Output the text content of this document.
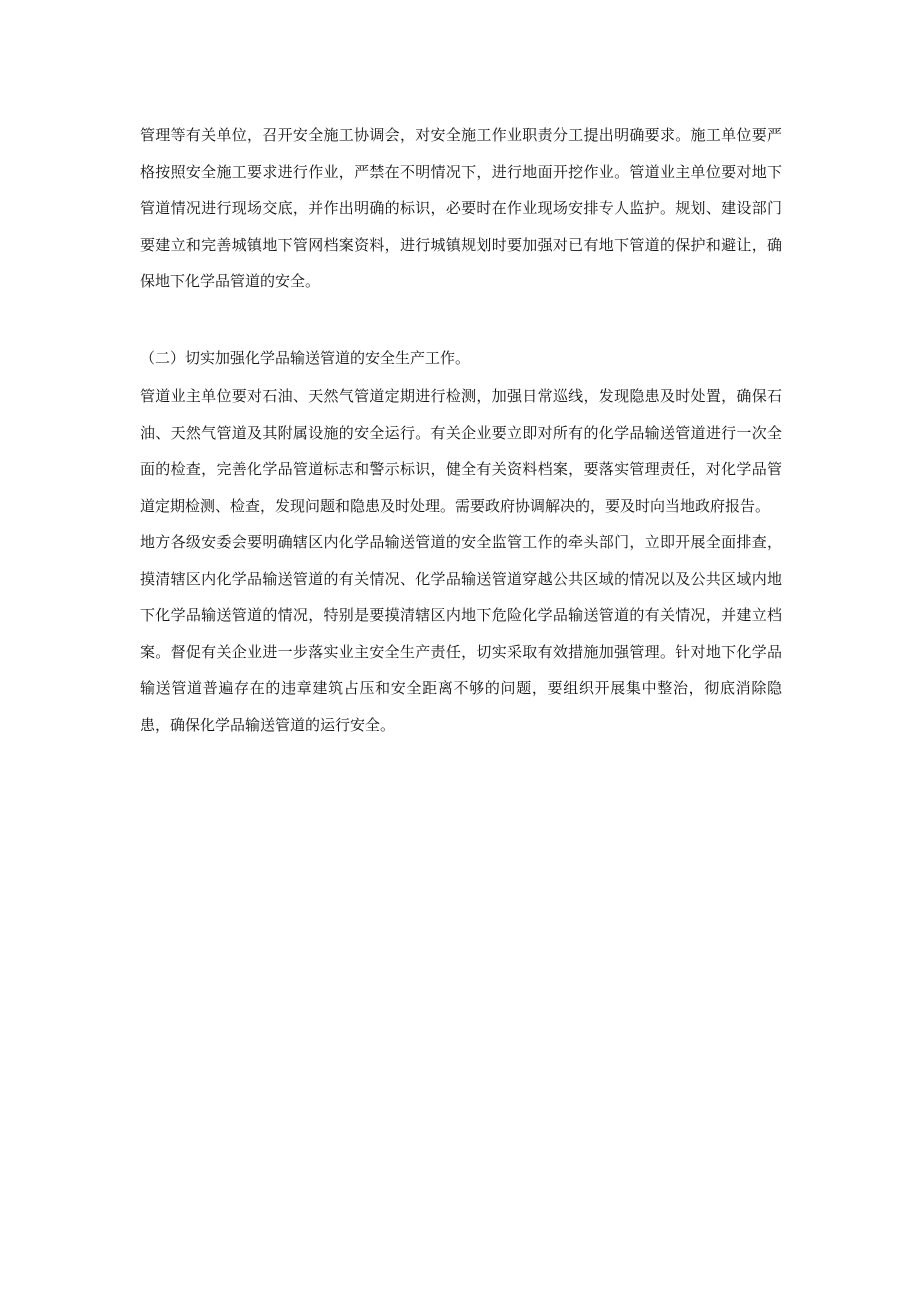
管理等有关单位，召开安全施工协调会，对安全施工作业职责分工提出明确要求。施工单位要严格按照安全施工要求进行作业，严禁在不明情况下，进行地面开挖作业。管道业主单位要对地下管道情况进行现场交底，并作出明确的标识，必要时在作业现场安排专人监护。规划、建设部门要建立和完善城镇地下管网档案资料，进行城镇规划时要加强对已有地下管道的保护和避让，确保地下化学品管道的安全。

（二）切实加强化学品输送管道的安全生产工作。

管道业主单位要对石油、天然气管道定期进行检测，加强日常巡线，发现隐患及时处置，确保石油、天然气管道及其附属设施的安全运行。有关企业要立即对所有的化学品输送管道进行一次全面的检查，完善化学品管道标志和警示标识，健全有关资料档案，要落实管理责任，对化学品管道定期检测、检查，发现问题和隐患及时处理。需要政府协调解决的，要及时向当地政府报告。

地方各级安委会要明确辖区内化学品输送管道的安全监管工作的牵头部门，立即开展全面排查，摸清辖区内化学品输送管道的有关情况、化学品输送管道穿越公共区域的情况以及公共区域内地下化学品输送管道的情况，特别是要摸清辖区内地下危险化学品输送管道的有关情况，并建立档案。督促有关企业进一步落实业主安全生产责任，切实采取有效措施加强管理。针对地下化学品输送管道普遍存在的违章建筑占压和安全距离不够的问题，要组织开展集中整治，彻底消除隐患，确保化学品输送管道的运行安全。
